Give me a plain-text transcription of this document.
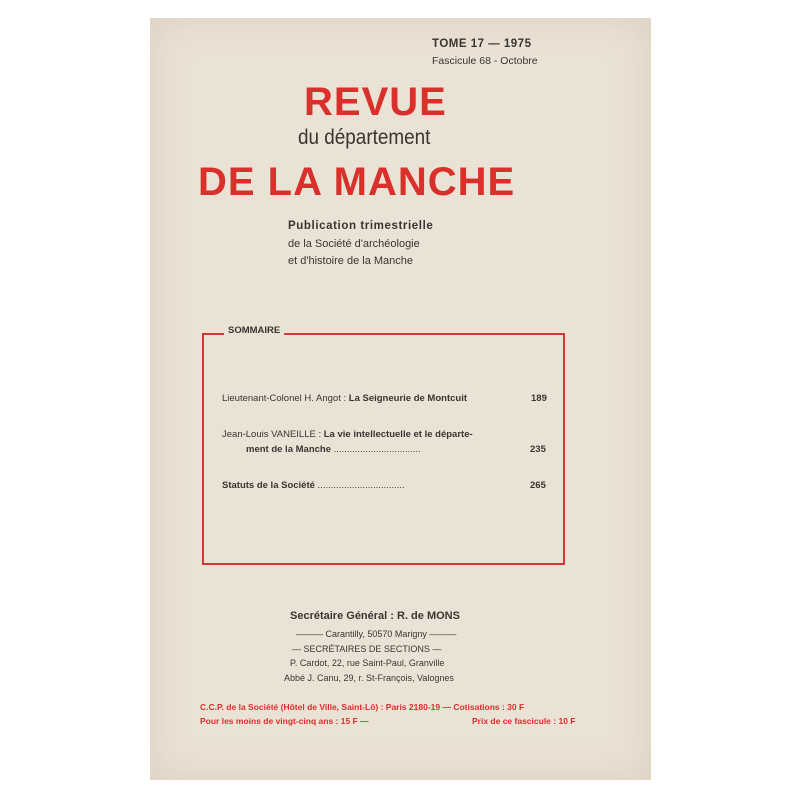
TOME 17 — 1975
Fascicule 68 - Octobre
REVUE
du département
DE LA MANCHE
Publication trimestrielle
de la Société d'archéologie
et d'histoire de la Manche
SOMMAIRE
Lieutenant-Colonel H. Angot : La Seigneurie de Montcuit	189
Jean-Louis VANEILLE : La vie intellectuelle et le départe-
ment de la Manche .................................	235
Statuts de la Société .................................	265
Secrétaire Général : R. de MONS
——— Carantilly, 50570 Marigny ———
— SECRÉTAIRES DE SECTIONS —
P. Cardot, 22, rue Saint-Paul, Granville
Abbé J. Canu, 29, r. St-François, Valognes
C.C.P. de la Société (Hôtel de Ville, Saint-Lô) : Paris 2180-19 — Cotisations : 30 F
Pour les moins de vingt-cinq ans : 15 F —	Prix de ce fascicule : 10 F
